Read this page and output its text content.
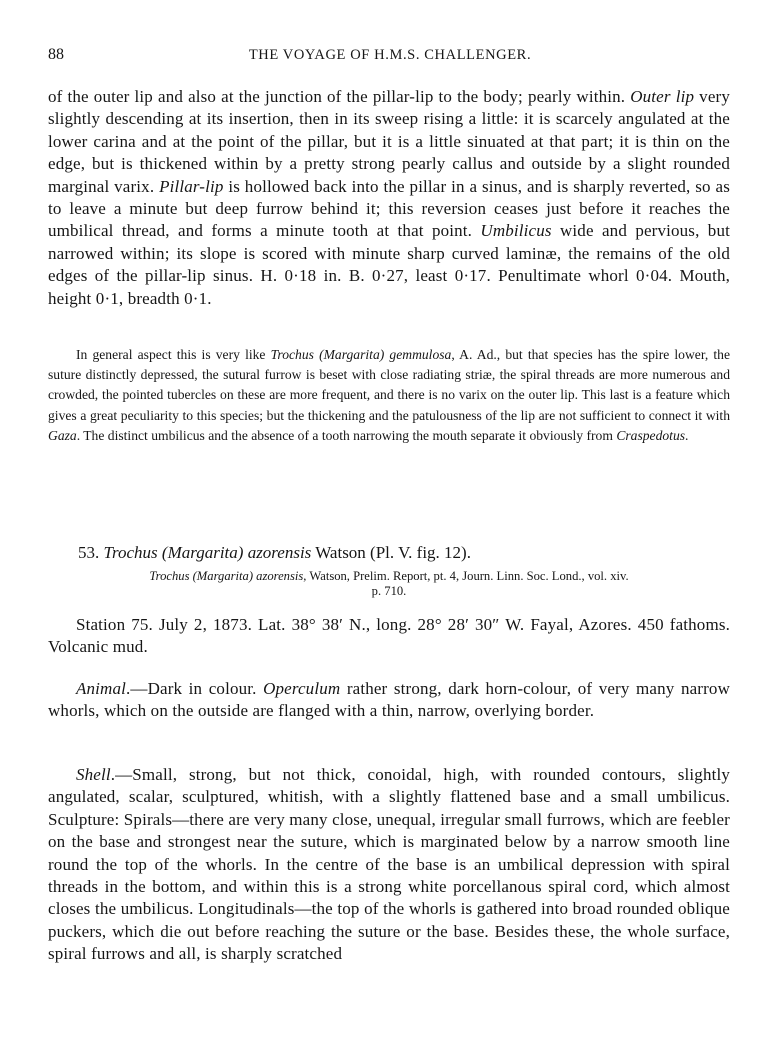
88	THE VOYAGE OF H.M.S. CHALLENGER.

of the outer lip and also at the junction of the pillar-lip to the body; pearly within. Outer lip very slightly descending at its insertion, then in its sweep rising a little: it is scarcely angulated at the lower carina and at the point of the pillar, but it is a little sinuated at that part; it is thin on the edge, but is thickened within by a pretty strong pearly callus and outside by a slight rounded marginal varix. Pillar-lip is hollowed back into the pillar in a sinus, and is sharply reverted, so as to leave a minute but deep furrow behind it; this reversion ceases just before it reaches the umbilical thread, and forms a minute tooth at that point. Umbilicus wide and pervious, but narrowed within; its slope is scored with minute sharp curved laminæ, the remains of the old edges of the pillar-lip sinus. H. 0·18 in. B. 0·27, least 0·17. Penultimate whorl 0·04. Mouth, height 0·1, breadth 0·1.

In general aspect this is very like Trochus (Margarita) gemmulosa, A. Ad., but that species has the spire lower, the suture distinctly depressed, the sutural furrow is beset with close radiating striæ, the spiral threads are more numerous and crowded, the pointed tubercles on these are more frequent, and there is no varix on the outer lip. This last is a feature which gives a great peculiarity to this species; but the thickening and the patulousness of the lip are not sufficient to connect it with Gaza. The distinct umbilicus and the absence of a tooth narrowing the mouth separate it obviously from Craspedotus.

53. Trochus (Margarita) azorensis Watson (Pl. V. fig. 12).

Trochus (Margarita) azorensis, Watson, Prelim. Report, pt. 4, Journ. Linn. Soc. Lond., vol. xiv.

p. 710.

Station 75. July 2, 1873. Lat. 38° 38′ N., long. 28° 28′ 30″ W. Fayal, Azores. 450 fathoms. Volcanic mud.

Animal.—Dark in colour. Operculum rather strong, dark horn-colour, of very many narrow whorls, which on the outside are flanged with a thin, narrow, overlying border.

Shell.—Small, strong, but not thick, conoidal, high, with rounded contours, slightly angulated, scalar, sculptured, whitish, with a slightly flattened base and a small umbilicus. Sculpture: Spirals—there are very many close, unequal, irregular small furrows, which are feebler on the base and strongest near the suture, which is marginated below by a narrow smooth line round the top of the whorls. In the centre of the base is an umbilical depression with spiral threads in the bottom, and within this is a strong white porcellanous spiral cord, which almost closes the umbilicus. Longitudinals—the top of the whorls is gathered into broad rounded oblique puckers, which die out before reaching the suture or the base. Besides these, the whole surface, spiral furrows and all, is sharply scratched
